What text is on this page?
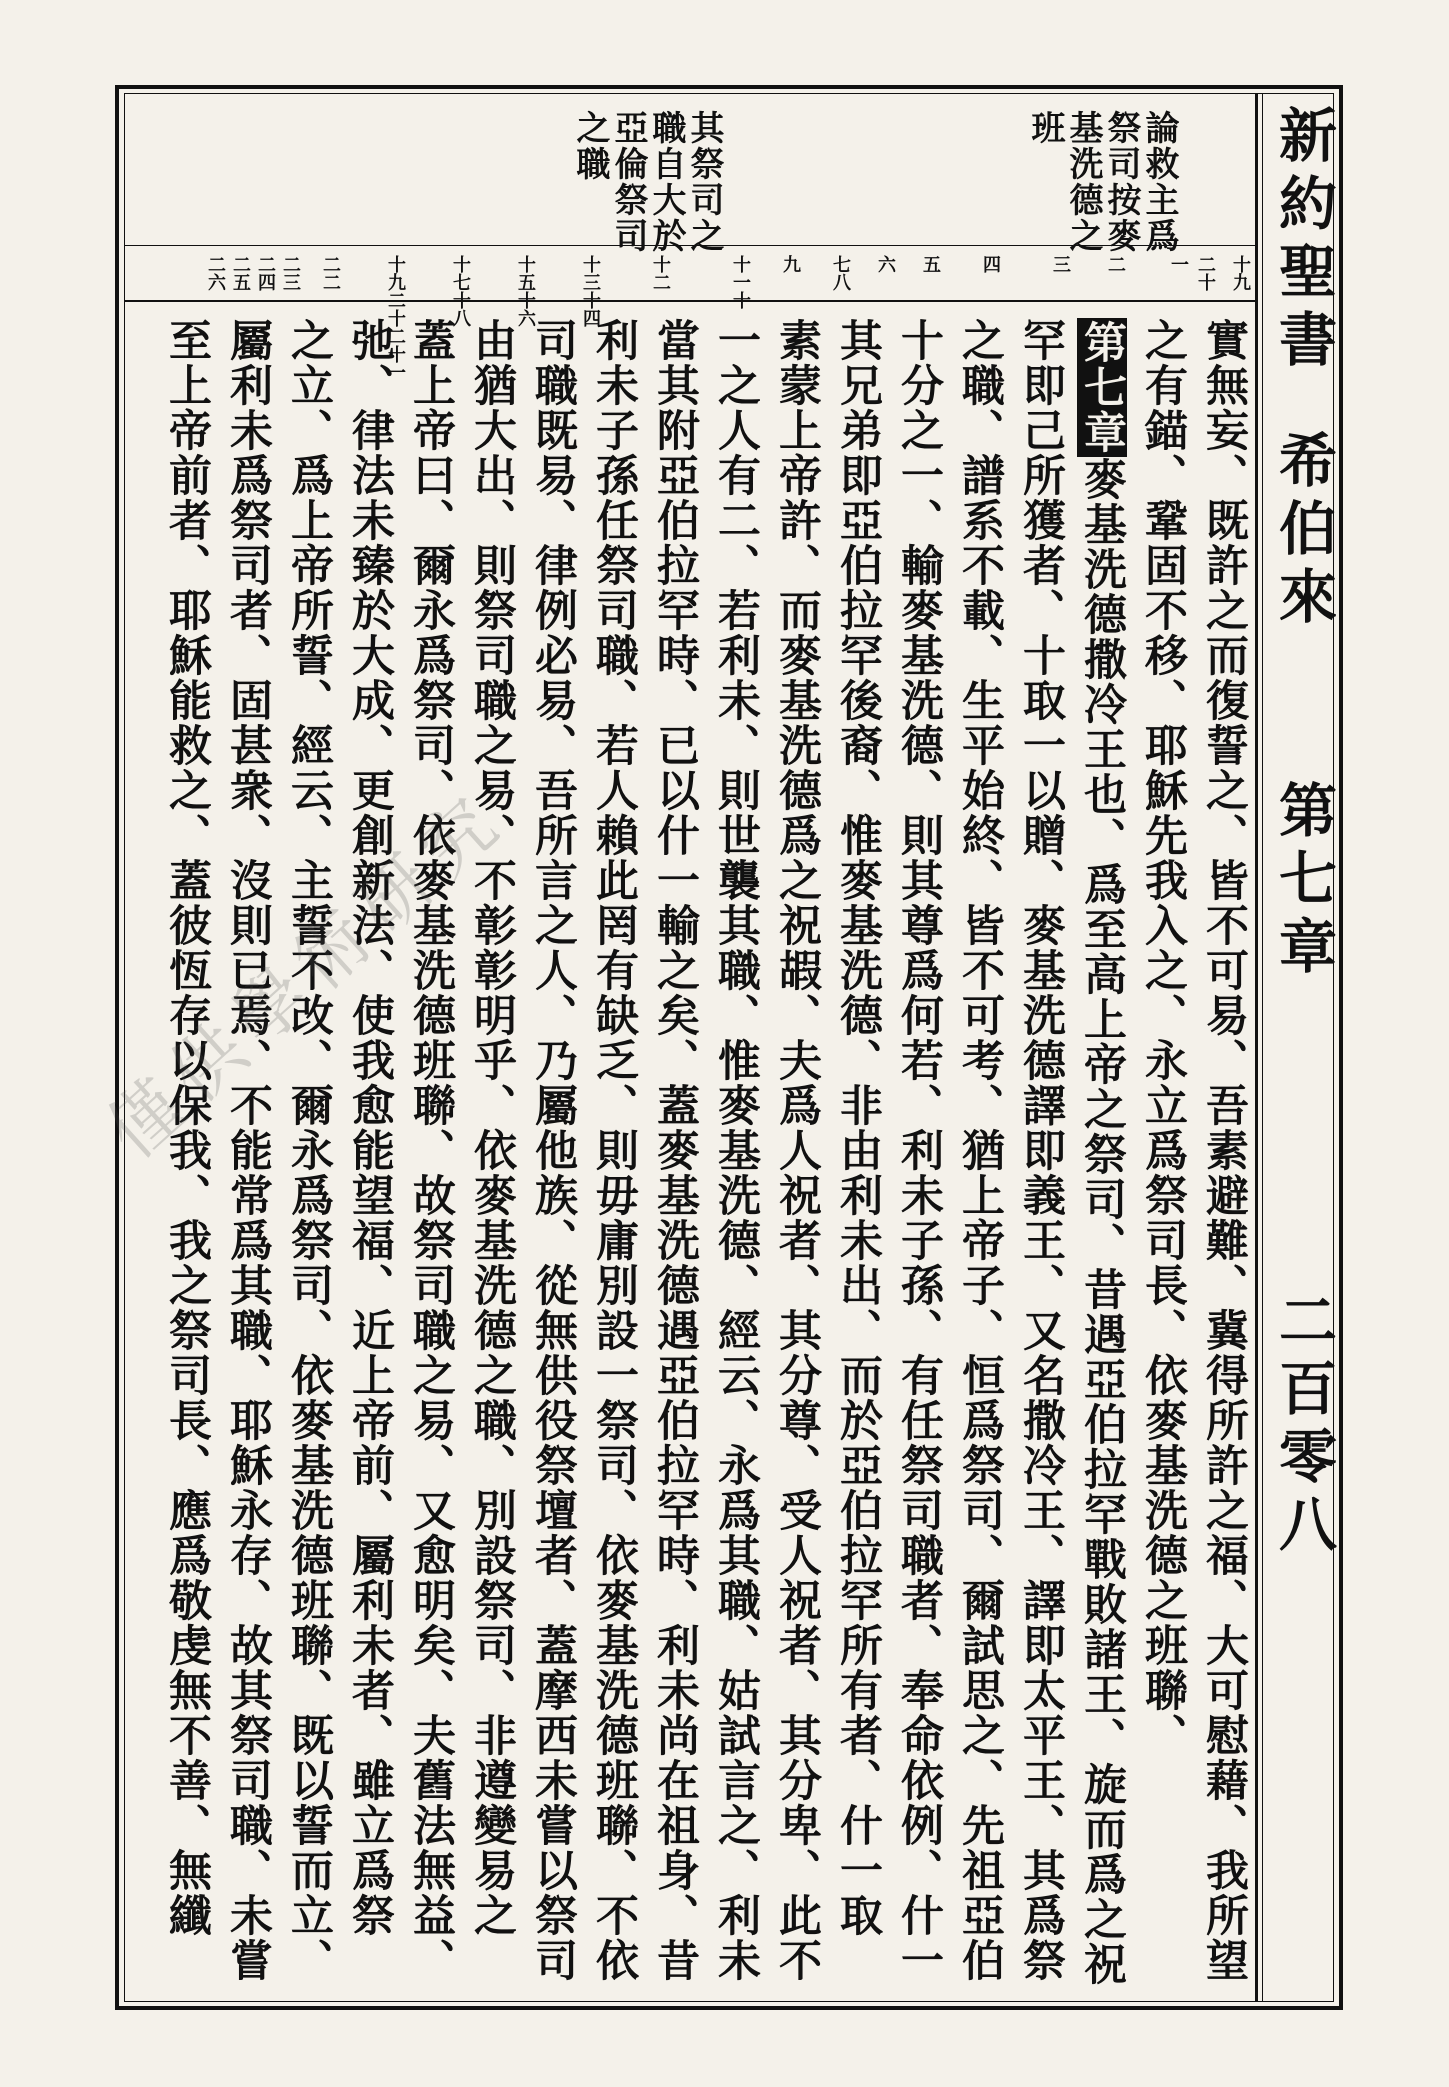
新約聖書
希伯來
第七章
二百零八
論救主爲
祭司按麥
基洗德之
班
其祭司之
職自大於
亞倫祭司
之職
十九
二十
一
二
三
四
五
六
七八
九
十一十
十二
十三十四
十五十六
十七十八
十九二十二十一
二二
二三
二四
二五
二六
實無妄、既許之而復誓之、皆不可易、吾素避難、冀得所許之福、大可慰藉、我所望
之有錨、鞏固不移、耶穌先我入之、永立爲祭司長、依麥基洗德之班聯、
第七章麥基洗德撒冷王也、爲至高上帝之祭司、昔遇亞伯拉罕戰敗諸王、旋而爲之祝
罕即己所獲者、十取一以贈、麥基洗德譯即義王、又名撒冷王、譯即太平王、其爲祭
之職、譜系不載、生平始終、皆不可考、猶上帝子、恒爲祭司、爾試思之、先祖亞伯
十分之一、輸麥基洗德、則其尊爲何若、利未子孫、有任祭司職者、奉命依例、什一
其兄弟即亞伯拉罕後裔、惟麥基洗德、非由利未出、而於亞伯拉罕所有者、什一取
素蒙上帝許、而麥基洗德爲之祝嘏、夫爲人祝者、其分尊、受人祝者、其分卑、此不
一之人有二、若利未、則世襲其職、惟麥基洗德、經云、永爲其職、姑試言之、利未
當其附亞伯拉罕時、已以什一輸之矣、蓋麥基洗德遇亞伯拉罕時、利未尚在祖身、昔
利未子孫任祭司職、若人賴此罔有缺乏、則毋庸別設一祭司、依麥基洗德班聯、不依
司職既易、律例必易、吾所言之人、乃屬他族、從無供役祭壇者、蓋摩西未嘗以祭司
由猶大出、則祭司職之易、不彰彰明乎、依麥基洗德之職、別設祭司、非遵變易之
蓋上帝曰、爾永爲祭司、依麥基洗德班聯、故祭司職之易、又愈明矣、夫舊法無益、
弛、律法未臻於大成、更創新法、使我愈能望福、近上帝前、屬利未者、雖立爲祭
之立、爲上帝所誓、經云、主誓不改、爾永爲祭司、依麥基洗德班聯、既以誓而立、
屬利未爲祭司者、固甚衆、沒則已焉、不能常爲其職、耶穌永存、故其祭司職、未嘗
至上帝前者、耶穌能救之、蓋彼恆存以保我、我之祭司長、應爲敬虔無不善、無纖
僅供學術研究
